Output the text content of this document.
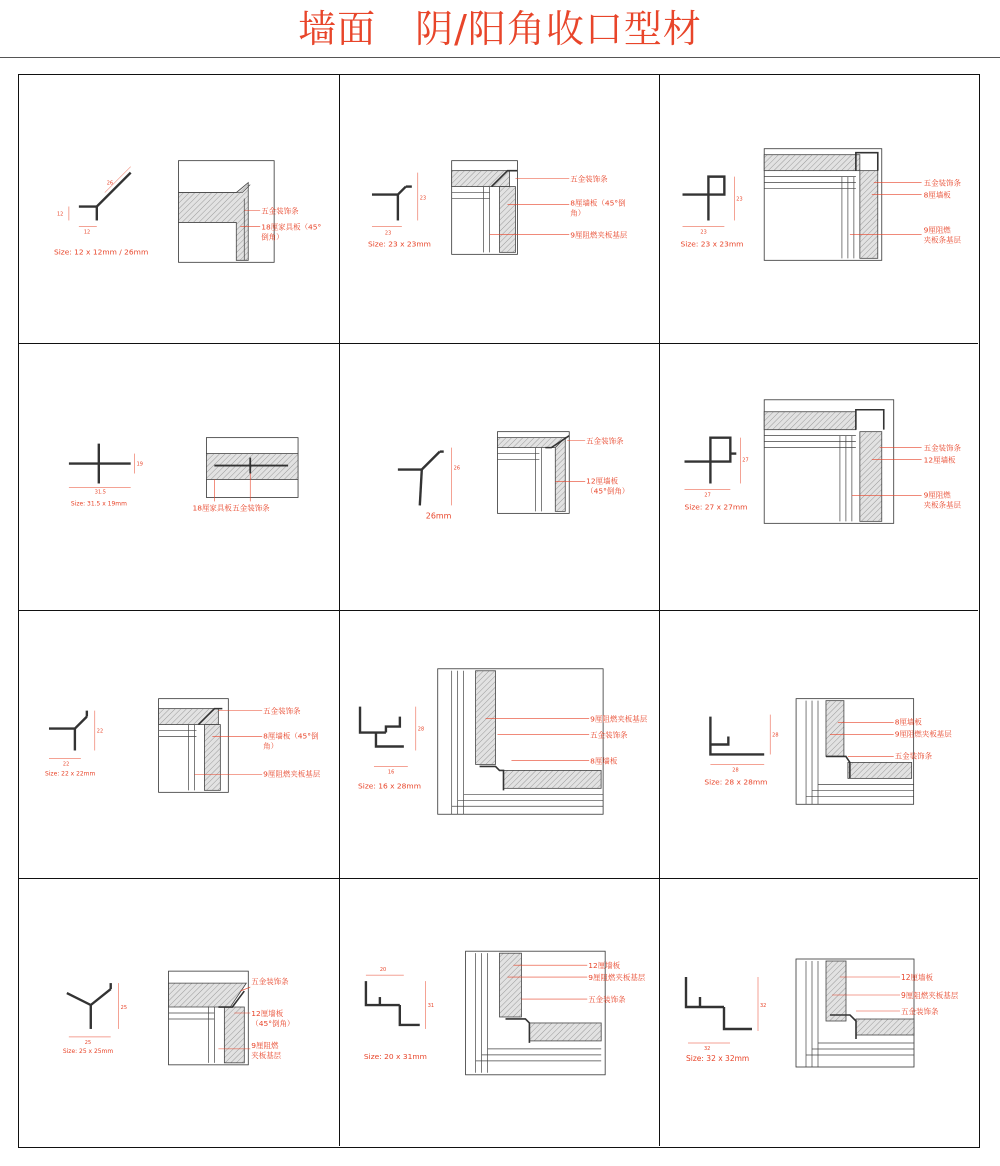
墙面　阴/阳角收口型材
26
12
12
Size: 12 x 12mm / 26mm
五金装饰条
18厘家具板（45°
倒角）	23
23
Size: 23 x 23mm
五金装饰条
8厘墙板（45°倒
角）
9厘阻燃夹板基层	23
23
Size: 23 x 23mm
五金装饰条
8厘墙板
9厘阻燃
夹板条基层
31.5
19
Size: 31.5 x 19mm	18厘家具板 五金装饰条
26
26mm
五金装饰条
12厘墙板
（45°倒角）	27
27
Size: 27 x 27mm
五金装饰条
12厘墙板
9厘阻燃
夹板条基层
22
22
Size: 22 x 22mm
五金装饰条
8厘墙板（45°倒
角）
9厘阻燃夹板基层	16
28
Size: 16 x 28mm
9厘阻燃夹板基层
五金装饰条
8厘墙板
28
28
Size: 28 x 28mm
8厘墙板
9厘阻燃夹板基层
五金装饰条
25
25
Size: 25 x 25mm
五金装饰条
12厘墙板
（45°倒角）
9厘阻燃
夹板基层
20
31
Size: 20 x 31mm
12厘墙板
9厘阻燃夹板基层
五金装饰条
32
32
Size: 32 x 32mm
12厘墙板
9厘阻燃夹板基层
五金装饰条
